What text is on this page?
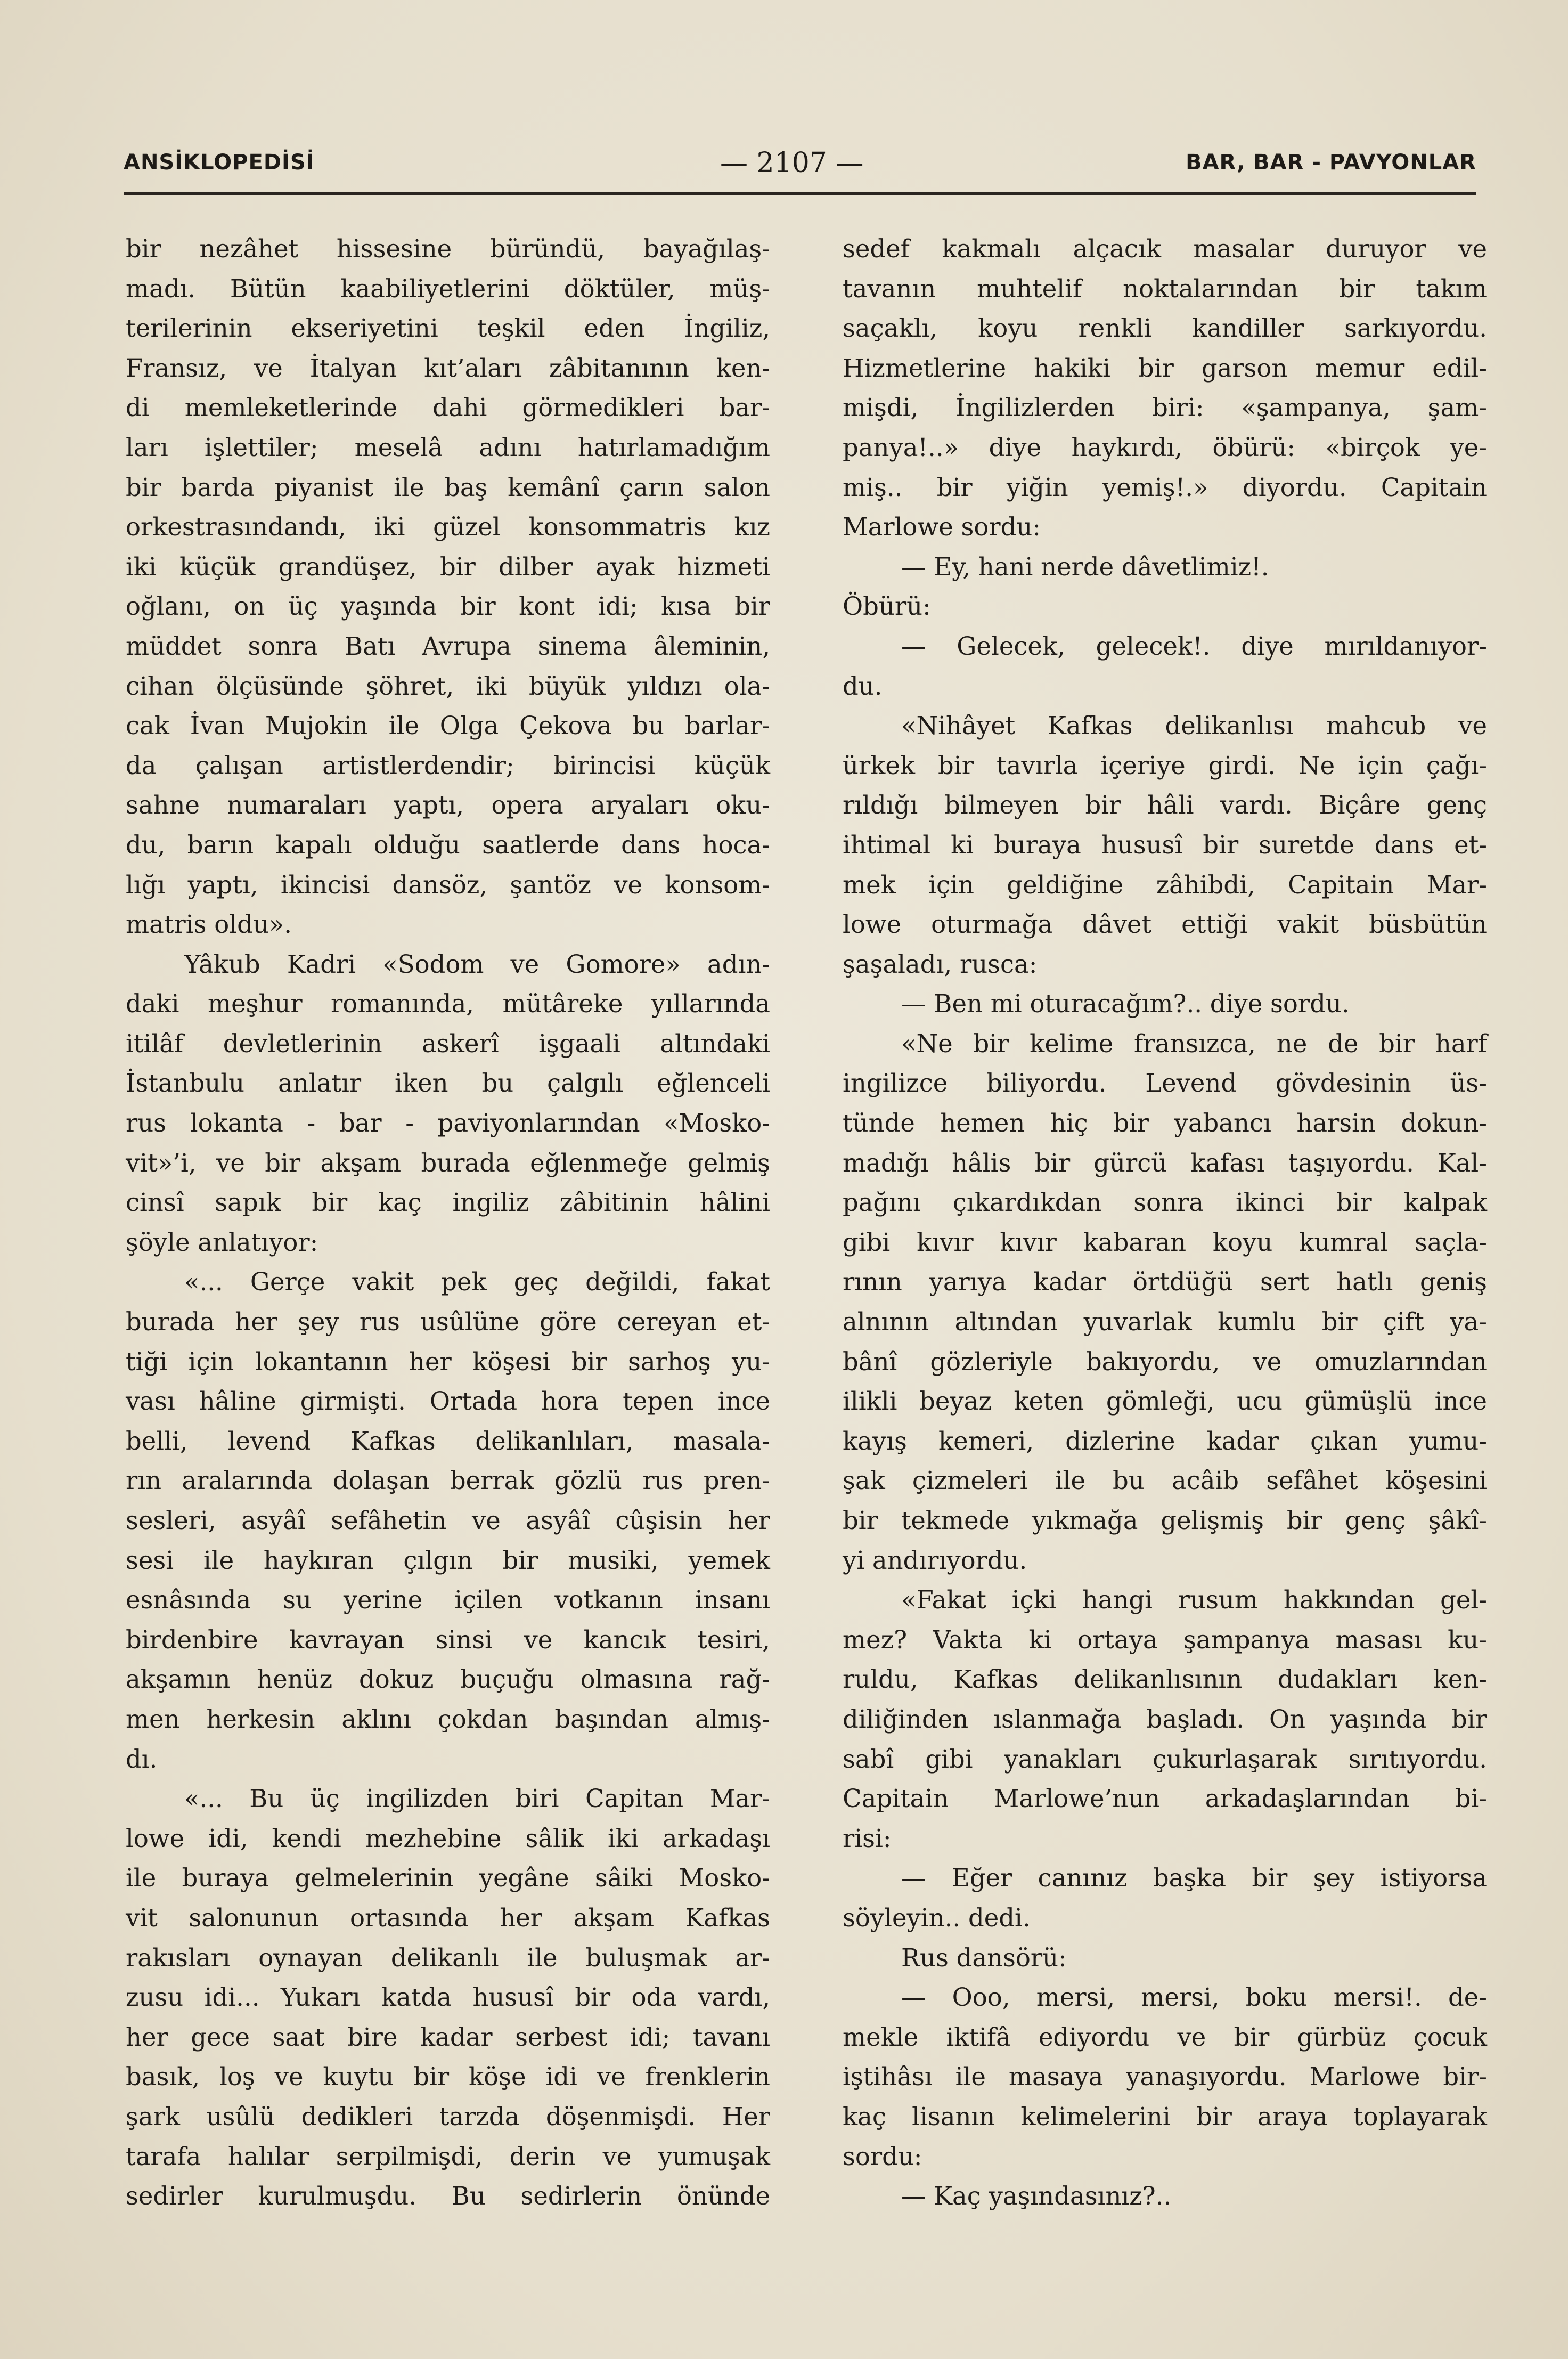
ANSİKLOPEDİSİ	— 2107 —	BAR, BAR - PAVYONLAR
bir nezâhet hissesine büründü, bayağılaş-
madı. Bütün kaabiliyetlerini döktüler, müş-
terilerinin ekseriyetini teşkil eden İngiliz,
Fransız, ve İtalyan kıt’aları zâbitanının ken-
di memleketlerinde dahi görmedikleri bar-
ları işlettiler; meselâ adını hatırlamadığım
bir barda piyanist ile baş kemânî çarın salon
orkestrasındandı, iki güzel konsommatris kız
iki küçük grandüşez, bir dilber ayak hizmeti
oğlanı, on üç yaşında bir kont idi; kısa bir
müddet sonra Batı Avrupa sinema âleminin,
cihan ölçüsünde şöhret, iki büyük yıldızı ola-
cak İvan Mujokin ile Olga Çekova bu barlar-
da çalışan artistlerdendir; birincisi küçük
sahne numaraları yaptı, opera aryaları oku-
du, barın kapalı olduğu saatlerde dans hoca-
lığı yaptı, ikincisi dansöz, şantöz ve konsom-
matris oldu».
Yâkub Kadri «Sodom ve Gomore» adın-
daki meşhur romanında, mütâreke yıllarında
itilâf devletlerinin askerî işgaali altındaki
İstanbulu anlatır iken bu çalgılı eğlenceli
rus lokanta - bar - paviyonlarından «Mosko-
vit»’i, ve bir akşam burada eğlenmeğe gelmiş
cinsî sapık bir kaç ingiliz zâbitinin hâlini
şöyle anlatıyor:
«... Gerçe vakit pek geç değildi, fakat
burada her şey rus usûlüne göre cereyan et-
tiği için lokantanın her köşesi bir sarhoş yu-
vası hâline girmişti. Ortada hora tepen ince
belli, levend Kafkas delikanlıları, masala-
rın aralarında dolaşan berrak gözlü rus pren-
sesleri, asyâî sefâhetin ve asyâî cûşisin her
sesi ile haykıran çılgın bir musiki, yemek
esnâsında su yerine içilen votkanın insanı
birdenbire kavrayan sinsi ve kancık tesiri,
akşamın henüz dokuz buçuğu olmasına rağ-
men herkesin aklını çokdan başından almış-
dı.
«... Bu üç ingilizden biri Capitan Mar-
lowe idi, kendi mezhebine sâlik iki arkadaşı
ile buraya gelmelerinin yegâne sâiki Mosko-
vit salonunun ortasında her akşam Kafkas
rakısları oynayan delikanlı ile buluşmak ar-
zusu idi... Yukarı katda hususî bir oda vardı,
her gece saat bire kadar serbest idi; tavanı
basık, loş ve kuytu bir köşe idi ve frenklerin
şark usûlü dedikleri tarzda döşenmişdi. Her
tarafa halılar serpilmişdi, derin ve yumuşak
sedirler kurulmuşdu. Bu sedirlerin önünde
sedef kakmalı alçacık masalar duruyor ve
tavanın muhtelif noktalarından bir takım
saçaklı, koyu renkli kandiller sarkıyordu.
Hizmetlerine hakiki bir garson memur edil-
mişdi, İngilizlerden biri: «şampanya, şam-
panya!..» diye haykırdı, öbürü: «birçok ye-
miş.. bir yiğin yemiş!.» diyordu. Capitain
Marlowe sordu:
— Ey, hani nerde dâvetlimiz!.
Öbürü:
— Gelecek, gelecek!. diye mırıldanıyor-
du.
«Nihâyet Kafkas delikanlısı mahcub ve
ürkek bir tavırla içeriye girdi. Ne için çağı-
rıldığı bilmeyen bir hâli vardı. Biçâre genç
ihtimal ki buraya hususî bir suretde dans et-
mek için geldiğine zâhibdi, Capitain Mar-
lowe oturmağa dâvet ettiği vakit büsbütün
şaşaladı, rusca:
— Ben mi oturacağım?.. diye sordu.
«Ne bir kelime fransızca, ne de bir harf
ingilizce biliyordu. Levend gövdesinin üs-
tünde hemen hiç bir yabancı harsin dokun-
madığı hâlis bir gürcü kafası taşıyordu. Kal-
pağını çıkardıkdan sonra ikinci bir kalpak
gibi kıvır kıvır kabaran koyu kumral saçla-
rının yarıya kadar örtdüğü sert hatlı geniş
alnının altından yuvarlak kumlu bir çift ya-
bânî gözleriyle bakıyordu, ve omuzlarından
ilikli beyaz keten gömleği, ucu gümüşlü ince
kayış kemeri, dizlerine kadar çıkan yumu-
şak çizmeleri ile bu acâib sefâhet köşesini
bir tekmede yıkmağa gelişmiş bir genç şâkî-
yi andırıyordu.
«Fakat içki hangi rusum hakkından gel-
mez? Vakta ki ortaya şampanya masası ku-
ruldu, Kafkas delikanlısının dudakları ken-
diliğinden ıslanmağa başladı. On yaşında bir
sabî gibi yanakları çukurlaşarak sırıtıyordu.
Capitain Marlowe’nun arkadaşlarından bi-
risi:
— Eğer canınız başka bir şey istiyorsa
söyleyin.. dedi.
Rus dansörü:
— Ooo, mersi, mersi, boku mersi!. de-
mekle iktifâ ediyordu ve bir gürbüz çocuk
iştihâsı ile masaya yanaşıyordu. Marlowe bir-
kaç lisanın kelimelerini bir araya toplayarak
sordu:
— Kaç yaşındasınız?..
